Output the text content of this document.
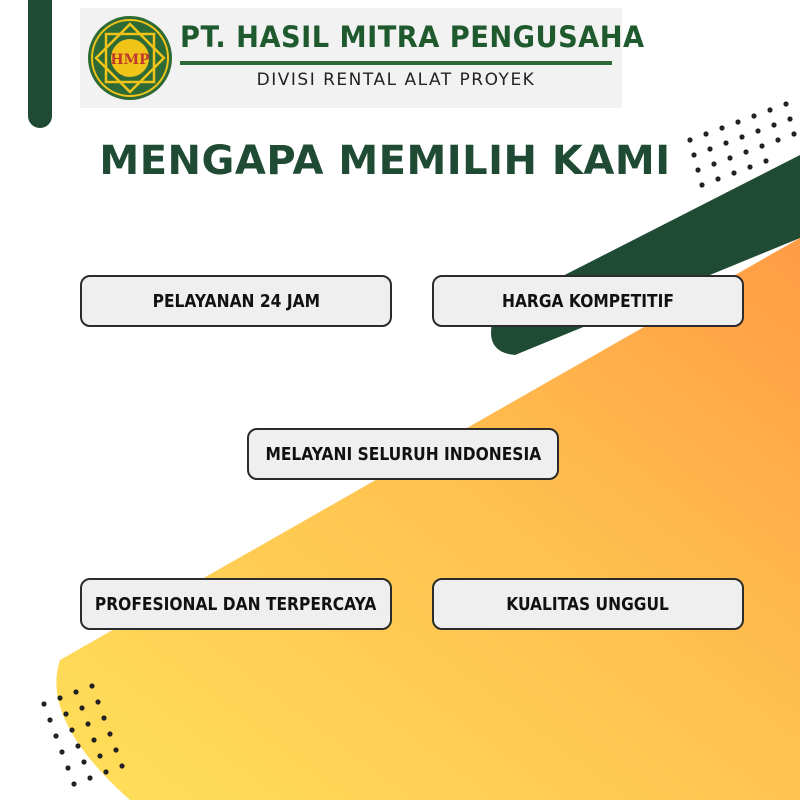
HMP
PT. HASIL MITRA PENGUSAHA
DIVISI RENTAL ALAT PROYEK
MENGAPA MEMILIH KAMI
PELAYANAN 24 JAM	HARGA KOMPETITIF
MELAYANI SELURUH INDONESIA
PROFESIONAL DAN TERPERCAYA	KUALITAS UNGGUL
